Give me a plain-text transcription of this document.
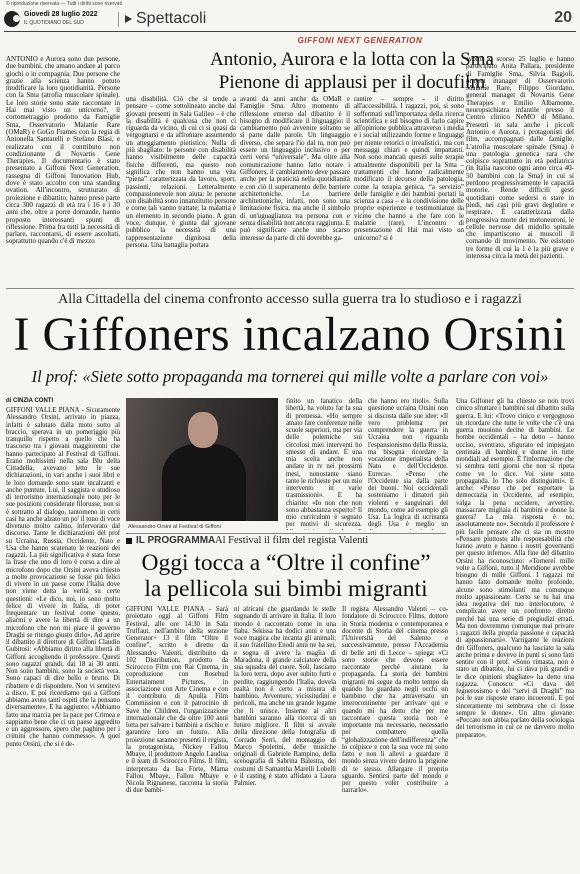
© riproduzione riservata — Tutti i diritti sono riservati
Giovedì 28 luglio 2022
IL QUOTIDIANO DEL SUD	Spettacoli	20
GIFFONI NEXT GENERATION
Antonio, Aurora e la lotta con la Sma
Pienone di applausi per il docufilm
ANTONIO e Aurora sono due persone, due bambini, che amano andare al parco giochi o in compagnia. Due persone che grazie alla scienza hanno potuto modificare la loro quotidianità. Persone con la Sma (atrofia muscolare spinale). Le loro storie sono state raccontate in Hai mai visto un unicorno?, il cortometraggio prodotto da Famiglie Sma, Osservatorio Malattie Rare (OMaR) e GoGo Frames con la regia di Antonella Santarelli e Stefano Blasi, e realizzato con il contributo non condizionante di Novartis Gene Therapies. Il documentario è stato presentato a Giffoni Next Generation, rassegna di Giffoni Innovation Hub, dove è stato accolto con una standing ovation. All'incontro, strutturato di proiezione e dibattito, hanno preso parte circa 300 ragazzi di età tra i 16 e i 30 anni che, oltre a porre domande, hanno proposto interessanti spunti di riflessione. Prima fra tutti la necessità di parlare, raccontarsi, di essere ascoltati, soprattutto quando c'è di mezzo
una disabilità. Ciò che si tende a pensare – come sottolineato anche dai giovani presenti in Sala Galileo – è che la disabilità è qualcosa che non ci riguarda da vicino, di cui ci si quasi da vergognarsi e da affrontare assumendo un atteggiamento pietistico. Nulla di più sbagliato: le persone con disabilità hanno visibilmente delle capacità fisiche differenti, ma questo non significa che non hanno una vita “piena” caratterizzata da lavoro, sport, passioni, relazioni. Letteralmente compassionevole non aiuta: le persone con disabilità sono innanzitutto persone e come tali vanno trattate; la malattia è un elemento in secondo piano. A gran voce, dunque, è giunta dal giovane pubblico la necessità di una rappresentazione dignitosa della persona. Una battaglia portata
avanti da anni anche da OMaR e Famiglie Sma. Altro momento di riflessione emerso dal dibattito è il bisogno di modificare il linguaggio: il cambiamento può avvenire soltanto se si parte dalle parole. Un linguaggio diverso, che separa l'io dal tu, non può essere un linguaggio inclusivo o per certi versi “universale”. Ma oltre alla comunicazione hanno fatto notare i Giffoners, il cambiamento deve passare anche per la praticità nella quotidianità e con ciò il superamento delle barriere architettoniche. Le barriere architettoniche, infatti, non sono una limitazione fisica, ma anche il simbolo di un'uguaglianza tra persona con e senza disabilità non ancora raggiunta. E può significare anche uno scarso interesse da parte di chi dovrebbe ga-
rantire – sempre – il diritto all'accessibilità. I ragazzi, poi, si sono soffermati sull'importanza della ricerca scientifica e sul bisogno di farlo capire all'opinione pubblica attraverso i media e i social utilizzando forme e linguaggi per niente retorici o irrealistici, ma con messaggi chiari e quindi impattanti. Non sono mancati quesiti sulle terapie attualmente disponibili per la Sma – trattamenti che hanno radicalmente modificato il decorso della patologia, come la terapia genica, “a servizio” delle famiglie e dei bambini portati la scienza a casa – e la condivisione delle proprie esperienze e testimonianze da vicino che hanno a che fare con le malattie (rare). L'incontro di presentazione di Hai mai visto un unicorno? si è
svolto lo scorso 25 luglio e hanno partecipato Anita Pallara, presidente di Famiglie Sma, Silvia Bagioli, project manager di Osservatorio Malattie Rare, Filippo Giordano, general manager di Novartis Gene Therapies e Emilio Albamonte, neuropsichiatra infantile presso il Centro clinico NeMO di Milano. Presenti in sala anche i piccoli Antonio e Aurora, i protagonisti del film, accompagnati dalle famiglie. L'atrofia muscolare spinale (Sma) è una patologia genetica rara che colpisce soprattutto in età pediatrica (in Italia nascono ogni anno circa 40-50 bambini con la Sma) in cui si perdono progressivamente le capacità motorie. Rende difficili gesti quotidiani come sedersi o stare in piedi, nei casi più gravi deglutire e respirare. È caratterizzata dalla progressiva morte dei motoneuroni, le cellule nervose del midollo spinale che impartiscono ai muscoli il comando di movimento. Ne esistono tre forme di cui la 1 è la più grave e interessa circa la metà dei pazienti.
Alla Cittadella del cinema confronto accesso sulla guerra tra lo studioso e i ragazzi
I Giffoners incalzano Orsini
Il prof: «Siete sotto propaganda ma tornerei qui mille volte a parlare con voi»
di CINZIA CONTI
GIFFONI VALLE PIANA - Sicuramente Alessandro Orsini, arrivato in piazza, infatti è salutato dalla moto sotto al braccio, sperava in un pomeriggio più tranquillo rispetto a quello che ha trascorso tra i giovani maggiorenni che hanno partecipato al Festival di Giffoni. Erano moltissimi nella sala Blu della Cittadella, avevano letto le sue dichiarazioni, in vari anche i suoi libri e le loro domande sono state incalzanti e anche puntute. Lui, il saggista e studioso di terrorismo internazionale noto per le sue posizioni considerate filorusse, non si è sottratto al dialogo, tantomeno in certi casi ha anche alzato un po' il tono di voce divenuto molto calmo, infervorato dal discorso. Tante le dichiarazioni del prof su Ucraina, Russia, Occidente, Nato e Usa che hanno scatenato le reazioni dei ragazzi. La più significativa è stata forse la frase che uno di loro è corso a dire al microfono dopo che Orsini aveva chiesto a molte provocazione se fosse più felici di vivere in un paese come l'Italia dove non viene detta la verità su certe questioni: «Le dico, noi, io sono molto felice di vivere in Italia, di poter frequentare un festival come questo, aliarmi e avere la libertà di dire a un microfono che non mi piace il governo Draghi se ritengo giusto dirlo». Ad aprire il dibattito il direttore di Giffoni Claudio Gubitosi: «Abbiamo diritto alla libertà di Giffoni accogliendo il professore. Questi sono ragazzi grandi, dai 18 ai 30 anni. Non sono bambini, sono la società vera. Sono capaci di dire bello e brutto. Di ribattere e di rispondere. Non vi sentitevi a disco. E poi ricordiamo qui a Giffoni abbiamo avuto tanti ospiti che la pensano diversamente». E ha aggiunto: «Abbiamo fatto una marcia per la pace per Crimea e sappiamo bene che ci un paese aggredito e un aggressore, spero che paghino per i crimini che hanno commesso». A quel punto Orsini, che si è de-
Alessandro Orsini al Festival di Giffoni
finito un fanatico della libertà, ha voluto far la sua di premessa. «Ho sempre amato fare conferenze nelle scuole superiori, ma per via delle polemiche sui circolosi miei interventi ho smesso di andare. È una mia scelta anche non andare in tv nei prossimi mesi, nonostante siano tante le richieste per un mio intervento in varie trasmissioni». E ha chiarito: «Io non che non sono abbastanza esperto? Il mio curriculum è segnato per motivi di sicurezza.
che hanno ero titoli». Sulla questione ucraina Orsini non si discosta dalle sue idee: «Il vero problema per comprendere la guerra in Ucraina non riguarda l'espansionismo della Russia, ma bisogna ricordare la vocazione imperialista della Nato e dell'Occidente. Eureca». «Penso che l'Occidente sia dalla parte dei buoni. Noi occidentali sosteniamo i dittatori più violenti e sanguinari del mondo, come ad esempio gli Usa. La logica di ucrinanta degli Usa è meglio un
Una Giffoner gli ha chiesto se non trovi cinico sfruttare i bambini sul dibattito sulla guerra. E lui: «Trovo cinico e vergognoso un ricordare che tutte le volte che c'è una guerra muoiono decine di bambini. Le bombe occidentali – ha detto – hanno ucciso, sventrato, sfigurato ed impiegato centinaia di bambini e donne in tutte mondiali ad esempio. È l'informazione che vi sembra tutti giorni che non si ripeta come ve lo dice. Voi siete sotto propaganda. Io Tho solo distinguimi». E anche: «Penso che per esportare la democrazia in Occidente, ad esempio, valga la pena uccidere, avvertire, massacrare migliaia di bambini e donne la guerra? La mia risposta è no, assolutamente no». Secondo il professore è più facile pensare che ci sia un mostro «Pensare piuttosto alle responsabilità che hanno avuto e hanno i nostri governanti per questo inferno». Alla fine del dibattito Orsini ha riconosciuto: «Tornerei mille volte a Giffoni, tutto il Meridione avrebbe bisogno di mille Giffoni. I ragazzi mi hanno fatto domande molto profonde, alcune sono stimolanti ma comunque molto appassionate. Certo se tu hai una idea negativa del tuo interlocutore, è complicato avere un confronto diretto perché hai una serie di pregiudizi erratì. Ma non dovremmo comunque mai privare i ragazzi della propria passione e capacità di appassionarsi». Varrigante le reazioni dei Giffoners, qualcuno ha lasciato la sala anche prima e dovevo in punti si sono fatti sentire con il prof. «Sono rimasta, non è stato un dibattito, lui ci dava più grandi e le dice opinioni sbagliate» ha detto una ragazza. Conosco: «Ci dava del feguerosismo e dei “servi di Draghi” ma poi le sue risposte erano incoerenti. E poi sinceramente mi sembrava che ci fosse sempre le donne». Un altro giovane: «Peccato non abbia parlato della sociologia del terrorismo in cui ce ne davvero molto preparato».
IL PROGRAMMA Al Festival il film del regista Valenti
Oggi tocca a “Oltre il confine”
la pellicola sui bimbi migranti
GIFFONI VALLE PIANA - Sarà proiettato oggi al Giffoni Film Festival, alle ore 14:30 in Sala Truffaut, nell'ambito della sezione Generator+ 13 il film “Oltre il confine”, scritto e diretto da Alessandro Valenti, distribuito da 102 Distribution, prodotto da Sciroccco Film con Rai Cinema, in coproduzione con Rosebud Entertainment Pictures, in associazione con Arte Cinema e con il contributo di Apulia Film Commission e con il patrocinio di Save the Children, l'organizzazione internazionale che da oltre 100 anni lotta per salvare i bambini a rischio e garantire loro un futuro. Alla proiezione saranno presenti il regista, la protagonista, Nickey Fallou Mbaye, il produttore Angelo Laudisa e il team di Sciroccco Films. Il film, interpretato da Isa Forte, Mama Fallou Mbaye, Fallou Mbaye e Nicola Rignanese, racconta la storia di due bambi-
ni africani che guardando le stelle sognando di arrivare in Italia. Il loro mondo è raccontato come in una fiaba. Sekissa ha dodici anni e una voce magica che incanta gli animali; il suo fratellino Enodi anni ne ha sei, e sogna di avere la maglia di Maradona, il grande calciatore della sua squadra del cuore. Soli, lasciano la loro terra, dopo aver subito furti e perdite, raggiungendo l'Italia, dovela realtà non è certo a misura di bambino. Avventure, vicissitudini e pericoli, ma anche un grande legame che li unisce. Insieme ai altri bambini saranno alla ricerca di un futuro migliore. Il film si avvale della direzione della fotografia di Corrado Serri, del montaggio di Marco Spoletini, delle musiche originali di Gabriele Rampino, della scenografia di Sabrina Balestra, dei costumi di Samantha Marelli Lobelli e il casting è stato affidato a Laura Palmier.
Il regista Alessandro Valenti – co-fondatore di Sciroccco Films, dottore in Storia moderna e contemporanea e docente di Storia del cinema presso l'Università del Salento e successivamente, presso l'Accademia di belle arti di Lecce – spiega: «Ci sono storie che devono essere raccontate perché aiutano la propaganda. La storia dei bambini migranti mi segue da molto tempo da quando ho guardato negli occhi un bambino che ha attraversato un interocontinente per arrivare qui e quando mi ha detto che per me raccontare questa storia non è importante ma necessario, necessario per combattere quella “globalizzazione dell'indifferenza” che lo colpisce e con la sua voce mi sono fatto e non li allevi a guardare il mondo senza vivere dentro la prigione di te stesso. Allargare il proprio sguardo. Sentirsi parte del mondo e per questo voler contribuire a narrarlo».
